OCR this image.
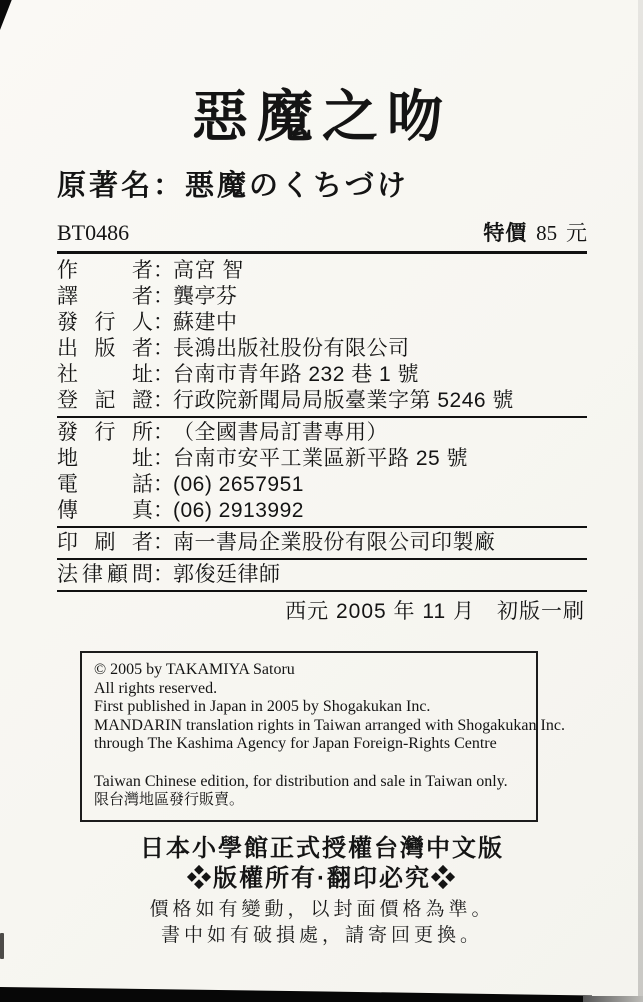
惡魔之吻
原著名：悪魔のくちづけ
BT0486	特價 85 元
作者 ： 高宮 智
譯者 ： 龔亭芬
發行人 ： 蘇建中
出版者 ： 長鴻出版社股份有限公司
社址 ： 台南市青年路 232 巷 1 號
登記證 ： 行政院新聞局局版臺業字第 5246 號
發行所 ： （全國書局訂書專用）
地址 ： 台南市安平工業區新平路 25 號
電話 ： (06) 2657951
傳真 ： (06) 2913992
印刷者 ： 南一書局企業股份有限公司印製廠
法律顧問 ： 郭俊廷律師
西元 2005 年 11 月　初版一刷
© 2005 by TAKAMIYA Satoru
All rights reserved.
First published in Japan in 2005 by Shogakukan Inc.
MANDARIN translation rights in Taiwan arranged with Shogakukan Inc.
through The Kashima Agency for Japan Foreign-Rights Centre
Taiwan Chinese edition, for distribution and sale in Taiwan only.
限台灣地區發行販賣。
日本小學館正式授權台灣中文版
❖版權所有·翻印必究❖
價格如有變動，以封面價格為準。
書中如有破損處，請寄回更換。
